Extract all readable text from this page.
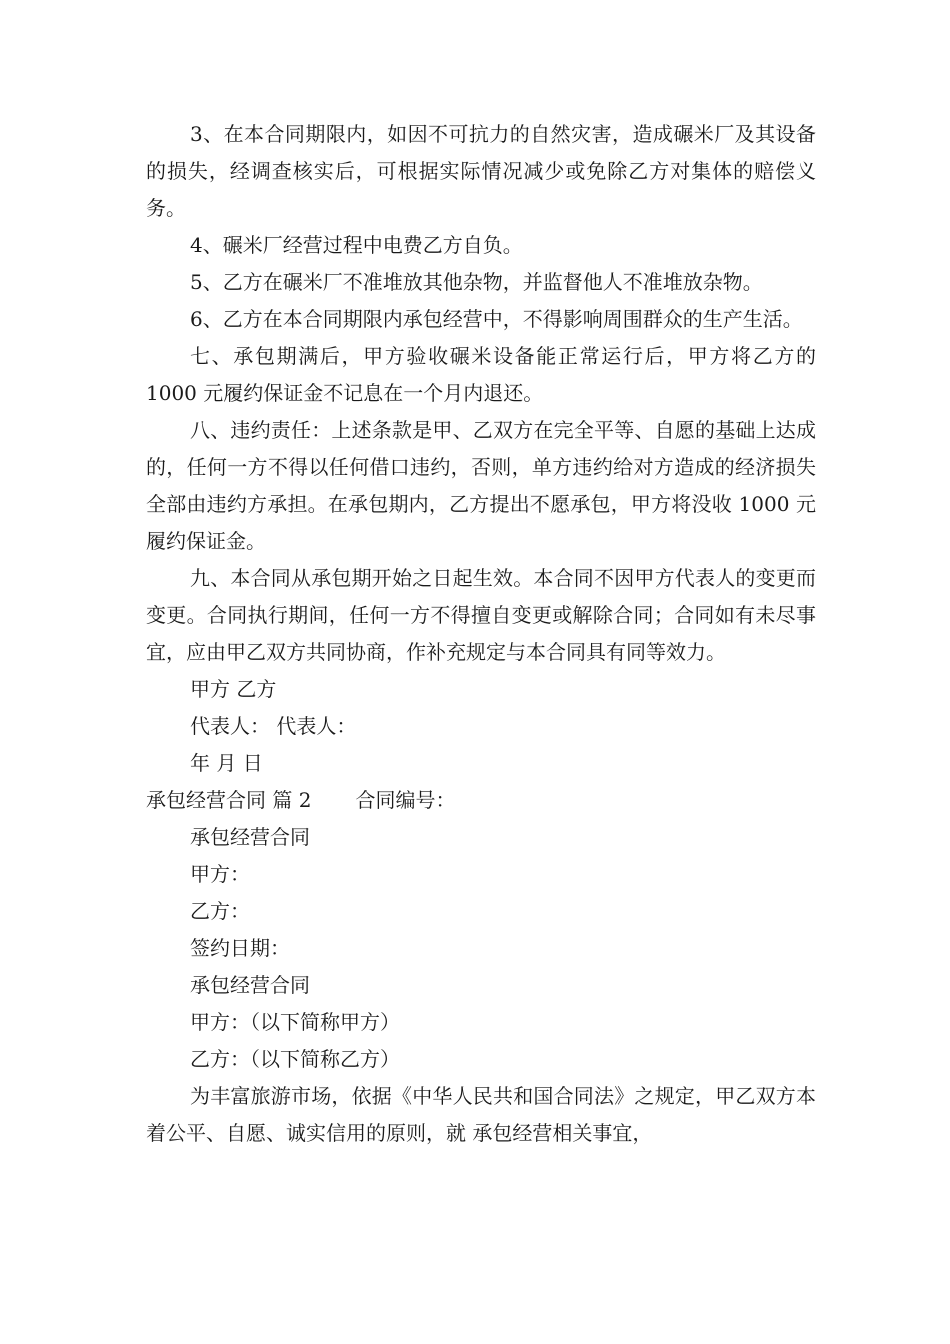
3、在本合同期限内，如因不可抗力的自然灾害，造成碾米厂及其设备的损失，经调查核实后，可根据实际情况减少或免除乙方对集体的赔偿义务。

4、碾米厂经营过程中电费乙方自负。

5、乙方在碾米厂不准堆放其他杂物，并监督他人不准堆放杂物。

6、乙方在本合同期限内承包经营中，不得影响周围群众的生产生活。

七、承包期满后，甲方验收碾米设备能正常运行后，甲方将乙方的 1000 元履约保证金不记息在一个月内退还。

八、违约责任：上述条款是甲、乙双方在完全平等、自愿的基础上达成的，任何一方不得以任何借口违约，否则，单方违约给对方造成的经济损失全部由违约方承担。在承包期内，乙方提出不愿承包，甲方将没收 1000 元履约保证金。

九、本合同从承包期开始之日起生效。本合同不因甲方代表人的变更而变更。合同执行期间，任何一方不得擅自变更或解除合同；合同如有未尽事宜，应由甲乙双方共同协商，作补充规定与本合同具有同等效力。

甲方 乙方

代表人： 代表人：

年 月 日

承包经营合同 篇 2 合同编号：

承包经营合同

甲方：

乙方：

签约日期：

承包经营合同

甲方：（以下简称甲方）

乙方：（以下简称乙方）

为丰富旅游市场，依据《中华人民共和国合同法》之规定，甲乙双方本着公平、自愿、诚实信用的原则，就 承包经营相关事宜，
